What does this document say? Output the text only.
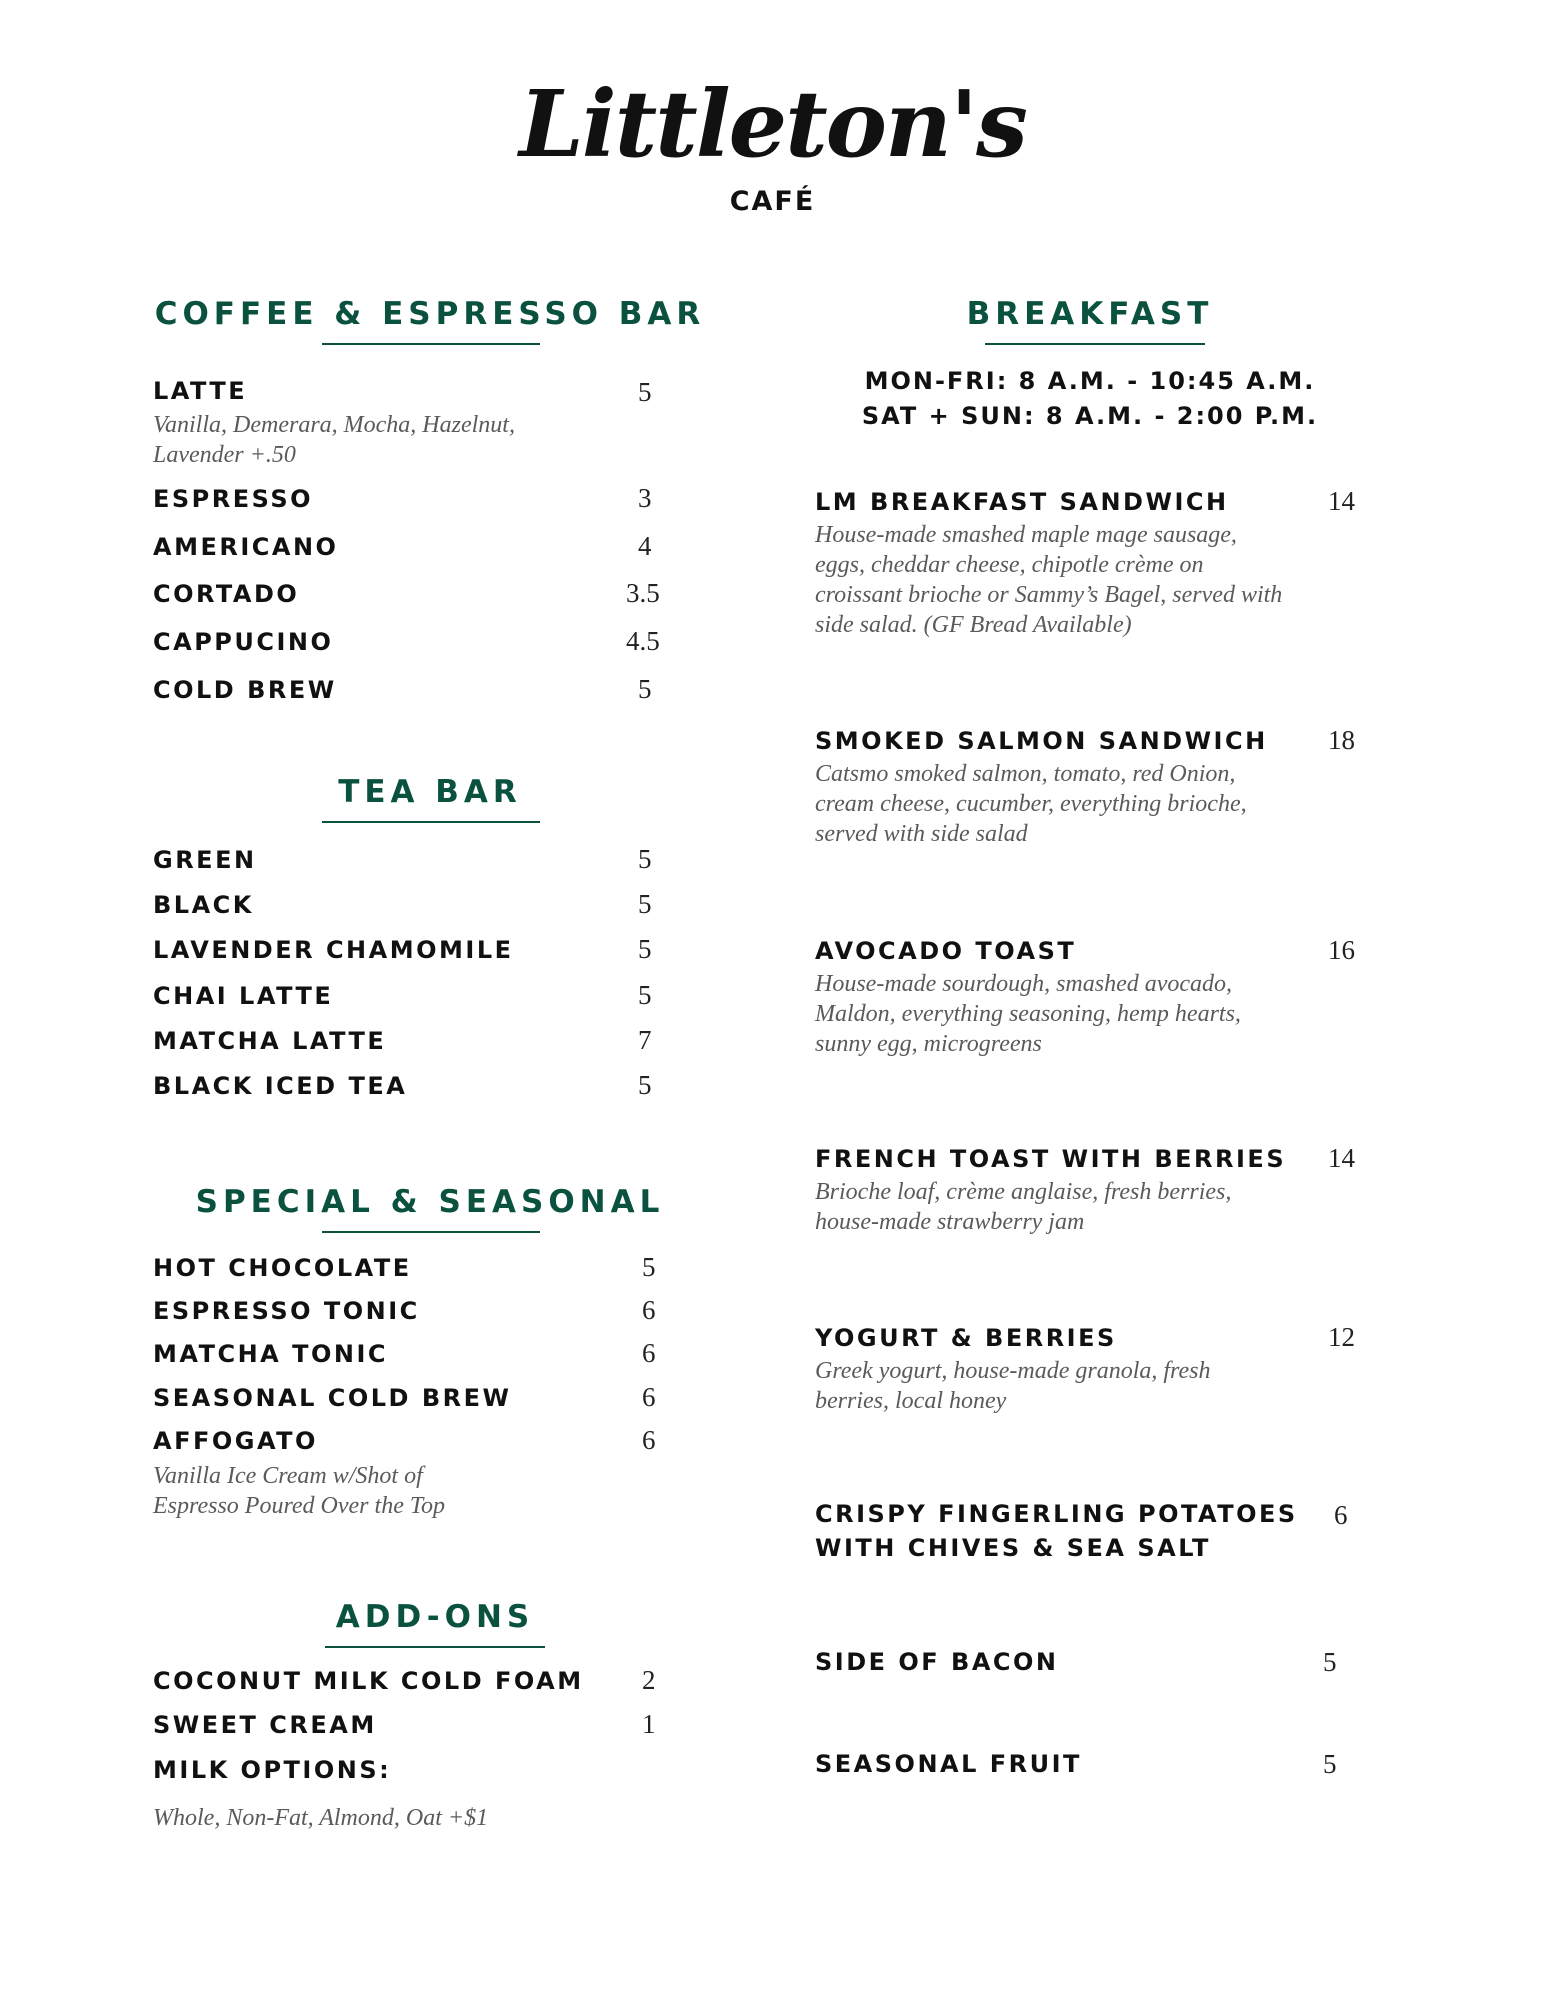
Littleton's
CAFÉ
COFFEE & ESPRESSO BAR
LATTE	5
Vanilla, Demerara, Mocha, Hazelnut, Lavender +.50
ESPRESSO	3
AMERICANO	4
CORTADO	3.5
CAPPUCINO	4.5
COLD BREW	5
TEA BAR
GREEN	5
BLACK	5
LAVENDER CHAMOMILE	5
CHAI LATTE	5
MATCHA LATTE	7
BLACK ICED TEA	5
SPECIAL & SEASONAL
HOT CHOCOLATE	5
ESPRESSO TONIC	6
MATCHA TONIC	6
SEASONAL COLD BREW	6
AFFOGATO	6
Vanilla Ice Cream w/Shot of Espresso Poured Over the Top
ADD-ONS
COCONUT MILK COLD FOAM 2
SWEET CREAM	1
MILK OPTIONS:
Whole, Non-Fat, Almond, Oat +$1
BREAKFAST
MON-FRI: 8 A.M. - 10:45 A.M.
SAT + SUN: 8 A.M. - 2:00 P.M.
LM BREAKFAST SANDWICH	14
House-made smashed maple mage sausage, eggs, cheddar cheese, chipotle crème on croissant brioche or Sammy’s Bagel, served with side salad. (GF Bread Available)
SMOKED SALMON SANDWICH 18
Catsmo smoked salmon, tomato, red Onion, cream cheese, cucumber, everything brioche, served with side salad
AVOCADO TOAST	16
House-made sourdough, smashed avocado, Maldon, everything seasoning, hemp hearts, sunny egg, microgreens
FRENCH TOAST WITH BERRIES 14
Brioche loaf, crème anglaise, fresh berries, house-made strawberry jam
YOGURT & BERRIES	12
Greek yogurt, house-made granola, fresh berries, local honey
CRISPY FINGERLING POTATOES
WITH CHIVES & SEA SALT
6
SIDE OF BACON	5
SEASONAL FRUIT	5
